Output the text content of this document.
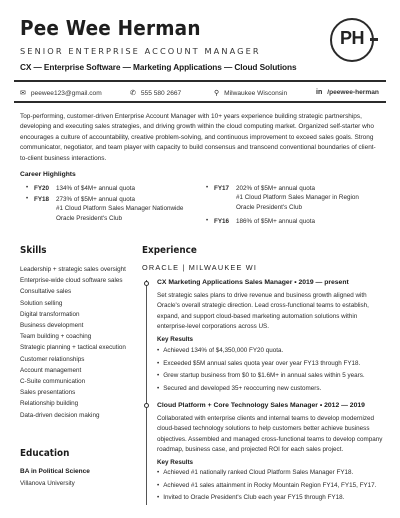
Pee Wee Herman
SENIOR ENTERPRISE ACCOUNT MANAGER
CX — Enterprise Software — Marketing Applications — Cloud Solutions
PH
✉ peewee123@gmail.com	✆ 555 580 2667	⚲ Milwaukee Wisconsin	in /peewee-herman
Top-performing, customer-driven Enterprise Account Manager with 10+ years experience building strategic partnerships, developing and executing sales strategies, and driving growth within the cloud computing market. Organized self-starter who encourages a culture of accountability, creative problem-solving, and continuous improvement to exceed sales goals. Strong communicator, negotiator, and team player with capacity to build consensus and transcend conventional boundaries of client-to-client business interactions.
Career Highlights
• FY20 134% of $4M+ annual quota
• FY18 273% of $5M+ annual quota
#1 Cloud Platform Sales Manager Nationwide
Oracle President's Club
• FY17 202% of $5M+ annual quota
#1 Cloud Platform Sales Manager in Region
Oracle President's Club
• FY16 186% of $5M+ annual quota
Skills
Leadership + strategic sales oversight
Enterprise-wide cloud software sales
Consultative sales
Solution selling
Digital transformation
Business development
Team building + coaching
Strategic planning + tactical execution
Customer relationships
Account management
C-Suite communication
Sales presentations
Relationship building
Data-driven decision making
Education
BA in Political Science
Villanova University
Experience
ORACLE | MILWAUKEE WI
CX Marketing Applications Sales Manager • 2019 — present
Set strategic sales plans to drive revenue and business growth aligned with Oracle's overall strategic direction. Lead cross-functional teams to establish, expand, and support cloud-based marketing automation solutions within enterprise-level corporations across US.
Key Results
• Achieved 134% of $4,350,000 FY20 quota.
• Exceeded $5M annual sales quota year over year FY13 through FY18.
• Grew startup business from $0 to $1.6M+ in annual sales within 5 years.
• Secured and developed 35+ reoccurring new customers.
Cloud Platform + Core Technology Sales Manager • 2012 — 2019
Collaborated with enterprise clients and internal teams to develop modernized cloud-based technology solutions to help customers better achieve business objectives. Assembled and managed cross-functional teams to develop company roadmap, business case, and projected ROI for each sales project.
Key Results
• Achieved #1 nationally ranked Cloud Platform Sales Manager FY18.
• Achieved #1 sales attainment in Rocky Mountain Region FY14, FY15, FY17.
• Invited to Oracle President's Club each year FY15 through FY18.
